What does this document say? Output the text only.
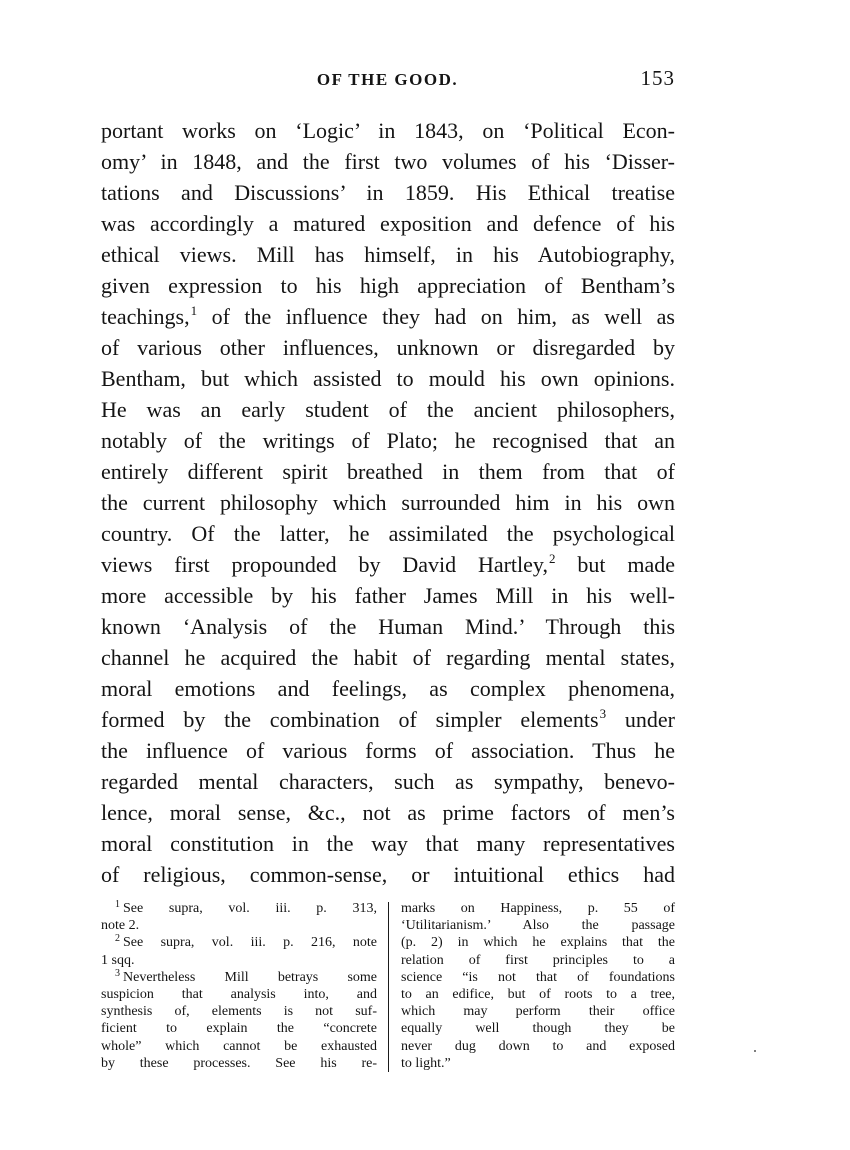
OF THE GOOD.	153
portant works on ‘Logic’ in 1843, on ‘Political Econ-
omy’ in 1848, and the first two volumes of his ‘Disser-
tations and Discussions’ in 1859. His Ethical treatise
was accordingly a matured exposition and defence of his
ethical views. Mill has himself, in his Autobiography,
given expression to his high appreciation of Bentham’s
teachings,$^1$ of the influence they had on him, as well as
of various other influences, unknown or disregarded by
Bentham, but which assisted to mould his own opinions.
He was an early student of the ancient philosophers,
notably of the writings of Plato; he recognised that an
entirely different spirit breathed in them from that of
the current philosophy which surrounded him in his own
country. Of the latter, he assimilated the psychological
views first propounded by David Hartley,$^2$ but made
more accessible by his father James Mill in his well-
known ‘Analysis of the Human Mind.’ Through this
channel he acquired the habit of regarding mental states,
moral emotions and feelings, as complex phenomena,
formed by the combination of simpler elements$^3$ under
the influence of various forms of association. Thus he
regarded mental characters, such as sympathy, benevo-
lence, moral sense, &c., not as prime factors of men’s
moral constitution in the way that many representatives
of religious, common-sense, or intuitional ethics had
$^1$ See supra, vol. iii. p. 313,
note 2.
$^2$ See supra, vol. iii. p. 216, note
1 sqq.
$^3$ Nevertheless Mill betrays some
suspicion that analysis into, and
synthesis of, elements is not suf-
ficient to explain the “concrete
whole” which cannot be exhausted
by these processes. See his re-
marks on Happiness, p. 55 of
‘Utilitarianism.’ Also the passage
(p. 2) in which he explains that the
relation of first principles to a
science “is not that of foundations
to an edifice, but of roots to a tree,
which may perform their office
equally well though they be
never dug down to and exposed
to light.”
